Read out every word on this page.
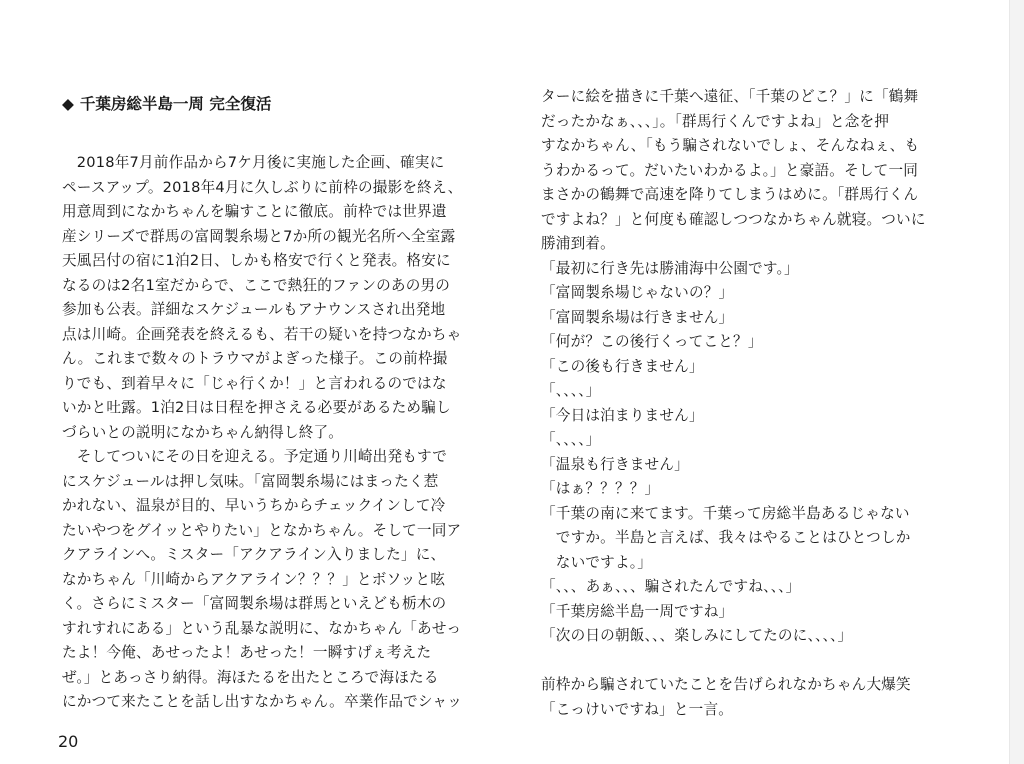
◆ 千葉房総半島一周 完全復活
　2018年7月前作品から7ケ月後に実施した企画、確実に
ペースアップ。2018年4月に久しぶりに前枠の撮影を終え、
用意周到になかちゃんを騙すことに徹底。前枠では世界遺
産シリーズで群馬の富岡製糸場と7か所の観光名所へ全室露
天風呂付の宿に1泊2日、しかも格安で行くと発表。格安に
なるのは2名1室だからで、ここで熱狂的ファンのあの男の
参加も公表。詳細なスケジュールもアナウンスされ出発地
点は川崎。企画発表を終えるも、若干の疑いを持つなかちゃ
ん。これまで数々のトラウマがよぎった様子。この前枠撮
りでも、到着早々に「じゃ行くか！」と言われるのではな
いかと吐露。1泊2日は日程を押さえる必要があるため騙し
づらいとの説明になかちゃん納得し終了。
　そしてついにその日を迎える。予定通り川崎出発もすで
にスケジュールは押し気味。「富岡製糸場にはまったく惹
かれない、温泉が目的、早いうちからチェックインして冷
たいやつをグイッとやりたい」となかちゃん。そして一同ア
クアラインへ。ミスター「アクアライン入りました」に、
なかちゃん「川崎からアクアライン？？？」とボソッと呟
く。さらにミスター「富岡製糸場は群馬といえども栃木の
すれすれにある」という乱暴な説明に、なかちゃん「あせっ
たよ！今俺、あせったよ！あせった！一瞬すげぇ考えた
ぜ。」とあっさり納得。海ほたるを出たところで海ほたる
にかつて来たことを話し出すなかちゃん。卒業作品でシャッ
ターに絵を描きに千葉へ遠征、「千葉のどこ？」に「鶴舞
だったかなぁ、、、」。「群馬行くんですよね」と念を押
すなかちゃん、「もう騙されないでしょ、そんなねぇ、も
うわかるって。だいたいわかるよ。」と豪語。そして一同
まさかの鶴舞で高速を降りてしまうはめに。「群馬行くん
ですよね？」と何度も確認しつつなかちゃん就寝。ついに
勝浦到着。
「最初に行き先は勝浦海中公園です。」
「富岡製糸場じゃないの？」
「富岡製糸場は行きません」
「何が？この後行くってこと？」
「この後も行きません」
「、、、、」
「今日は泊まりません」
「、、、、」
「温泉も行きません」
「はぁ？？？？」
「千葉の南に来てます。千葉って房総半島あるじゃない
　ですか。半島と言えば、我々はやることはひとつしか
　ないですよ。」
「、、、あぁ、、、騙されたんですね、、、」
「千葉房総半島一周ですね」
「次の日の朝飯、、、楽しみにしてたのに、、、、」
前枠から騙されていたことを告げられなかちゃん大爆笑
「こっけいですね」と一言。
20
